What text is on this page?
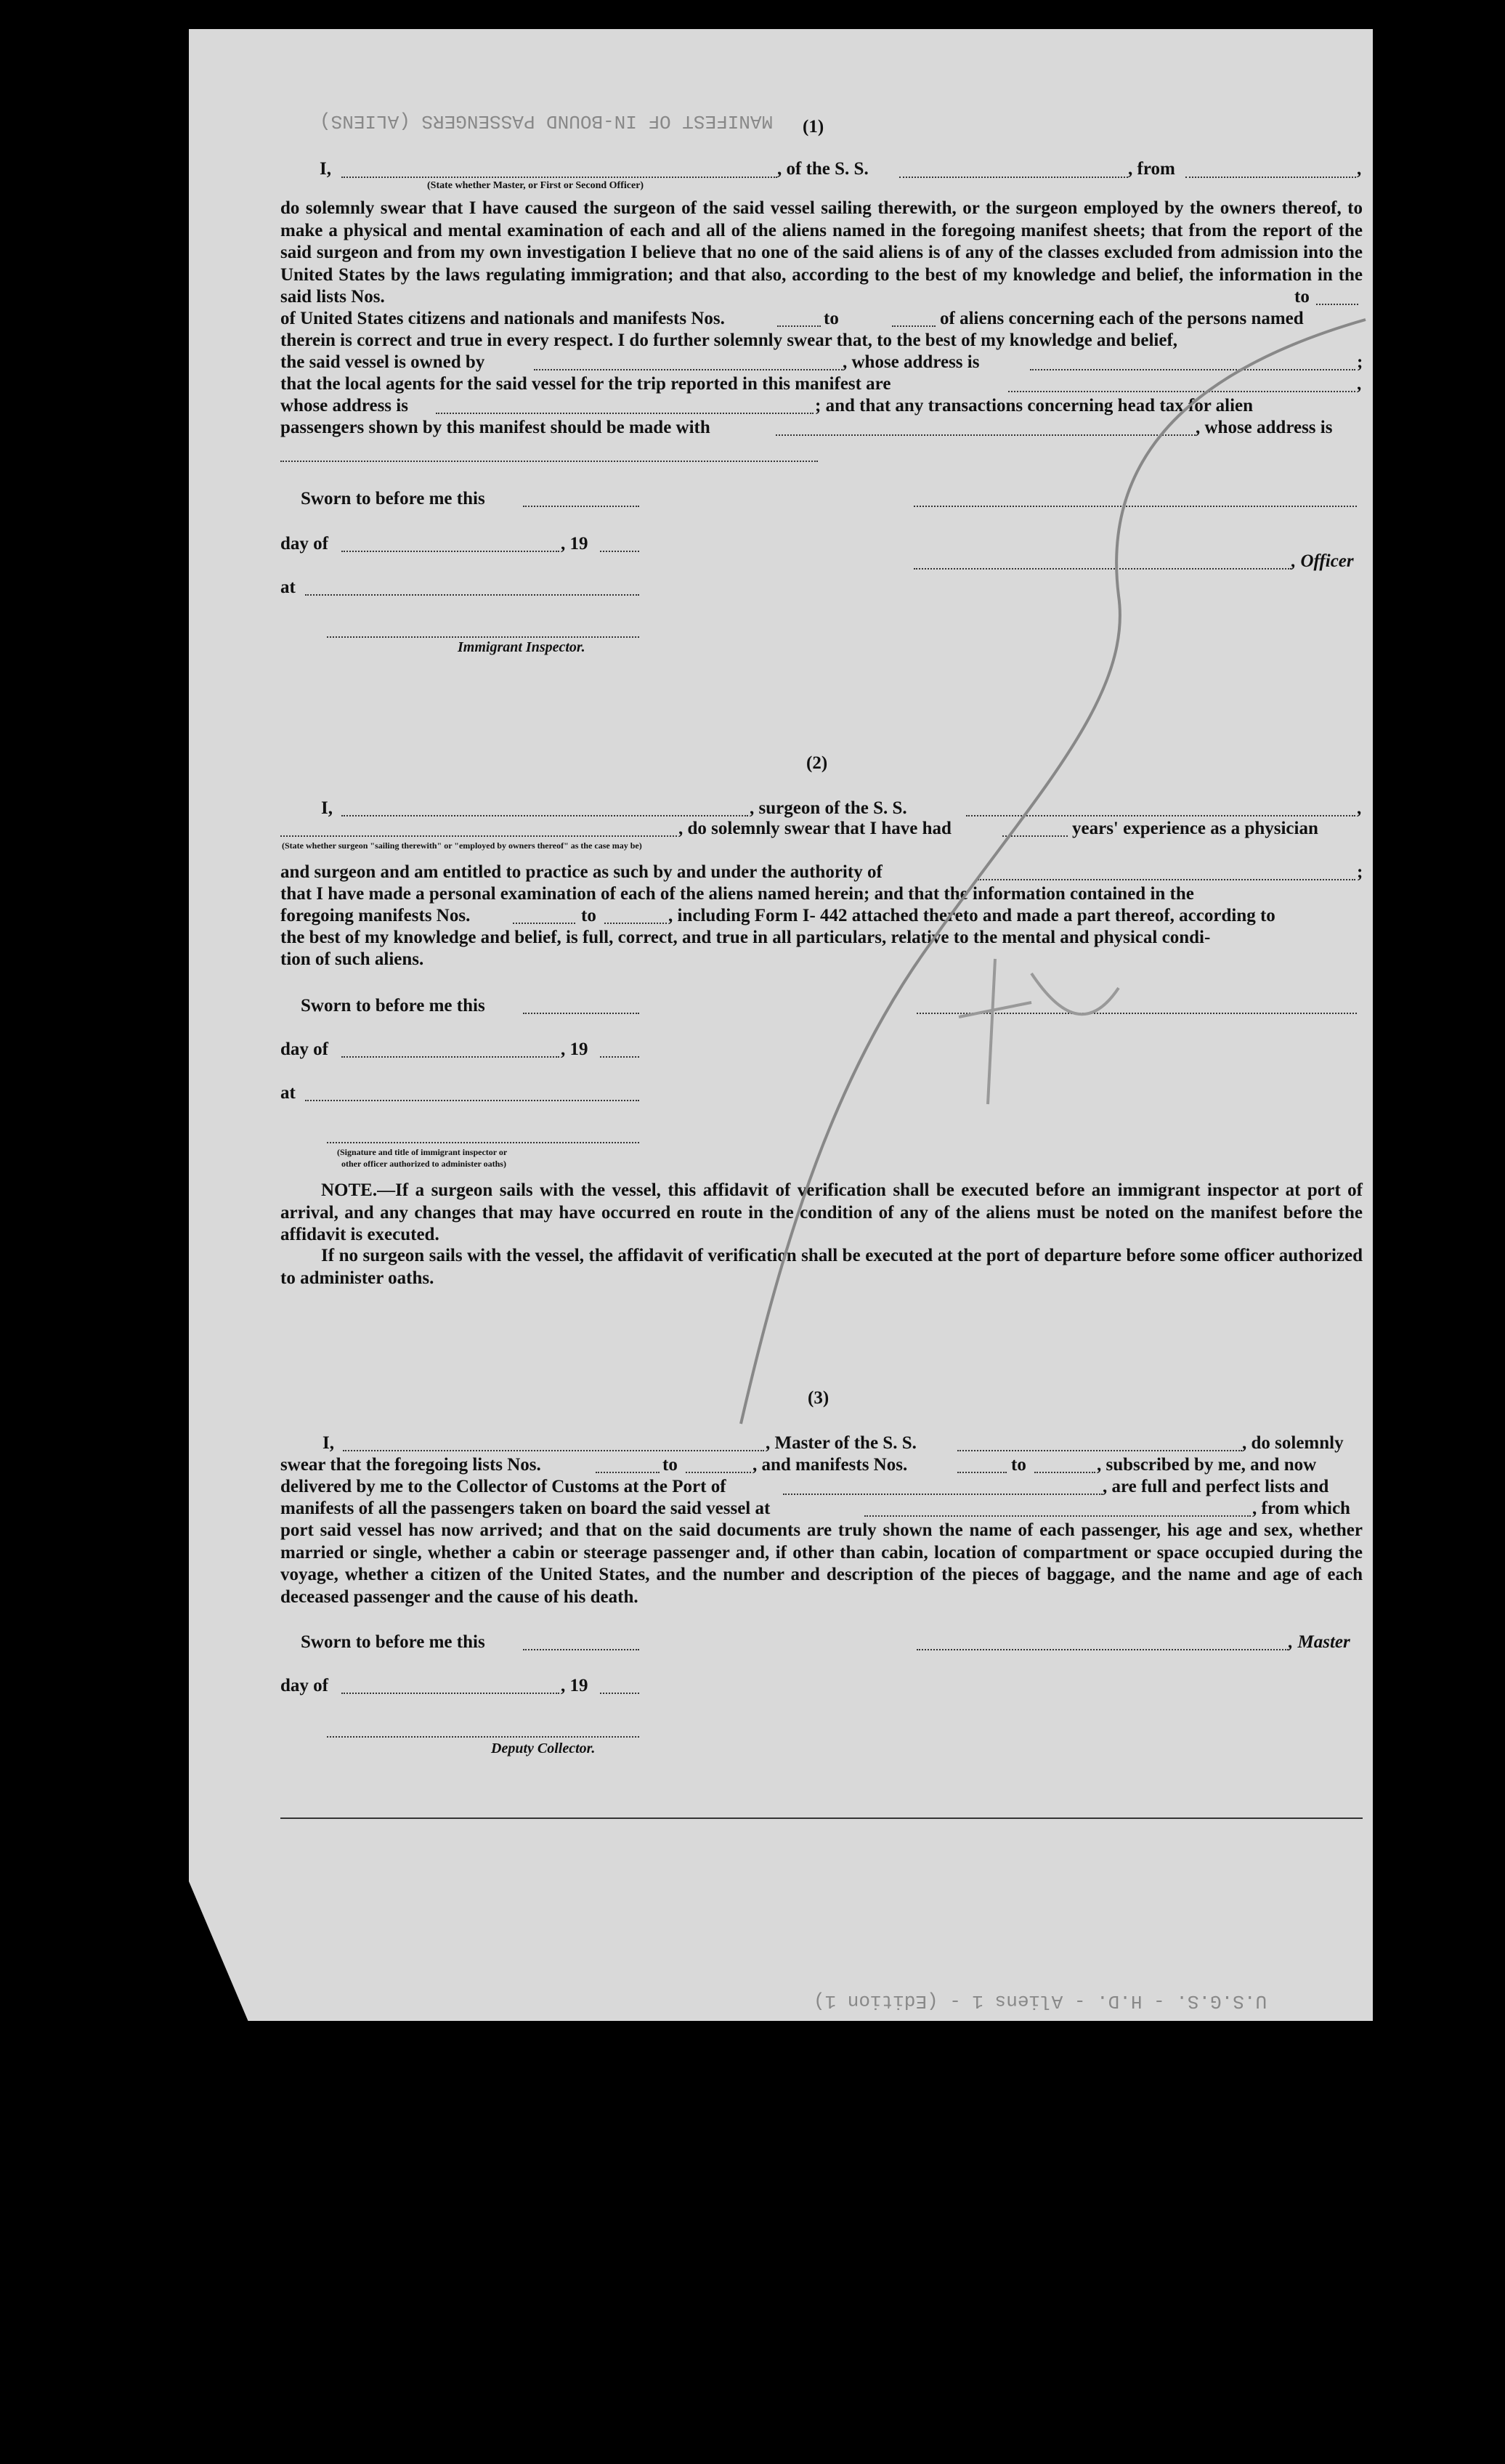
MANIFEST OF IN-BOUND PASSENGERS (ALIENS)
U.S.G.S. - H.D. - Aliens 1 - (Edition 1)
(1)
I,	, of the S. S.	, from	,
(State whether Master, or First or Second Officer)
do solemnly swear that I have caused the surgeon of the said vessel sailing therewith, or the surgeon employed by the owners thereof, to make a physical and mental examination of each and all of the aliens named in the foregoing manifest sheets; that from the report of the said surgeon and from my own investigation I believe that no one of the said aliens is of any of the classes excluded from admission into the United States by the laws regulating immigration; and that also, according to the best of my knowledge and belief, the information in the said lists Nos.	to
of United States citizens and nationals and manifests Nos.	to	of aliens concerning each of the persons named
therein is correct and true in every respect. I do further solemnly swear that, to the best of my knowledge and belief,
the said vessel is owned by	, whose address is	;
that the local agents for the said vessel for the trip reported in this manifest are	,
whose address is	; and that any transactions concerning head tax for alien
passengers shown by this manifest should be made with	, whose address is
Sworn to before me this
day of	, 19
, Officer
at
Immigrant Inspector.
(2)
I,	, surgeon of the S. S.	,
, do solemnly swear that I have had	years' experience as a physician
(State whether surgeon "sailing therewith" or "employed by owners thereof" as the case may be)
and surgeon and am entitled to practice as such by and under the authority of	;
that I have made a personal examination of each of the aliens named herein; and that the information contained in the
foregoing manifests Nos.	to	, including Form I- 442 attached thereto and made a part thereof, according to
the best of my knowledge and belief, is full, correct, and true in all particulars, relative to the mental and physical condi-
tion of such aliens.
Sworn to before me this
day of	, 19
at
(Signature and title of immigrant inspector or
other officer authorized to administer oaths)
NOTE.—If a surgeon sails with the vessel, this affidavit of verification shall be executed before an immigrant inspector at port of arrival, and any changes that may have occurred en route in the condition of any of the aliens must be noted on the manifest before the affidavit is executed.
If no surgeon sails with the vessel, the affidavit of verification shall be executed at the port of departure before some officer authorized to administer oaths.
(3)
I,	, Master of the S. S.	, do solemnly
swear that the foregoing lists Nos.	to	, and manifests Nos.	to	, subscribed by me, and now
delivered by me to the Collector of Customs at the Port of	, are full and perfect lists and
manifests of all the passengers taken on board the said vessel at	, from which
port said vessel has now arrived; and that on the said documents are truly shown the name of each passenger, his age and sex, whether married or single, whether a cabin or steerage passenger and, if other than cabin, location of compartment or space occupied during the voyage, whether a citizen of the United States, and the number and description of the pieces of baggage, and the name and age of each deceased passenger and the cause of his death.
Sworn to before me this	, Master
day of	, 19
Deputy Collector.
